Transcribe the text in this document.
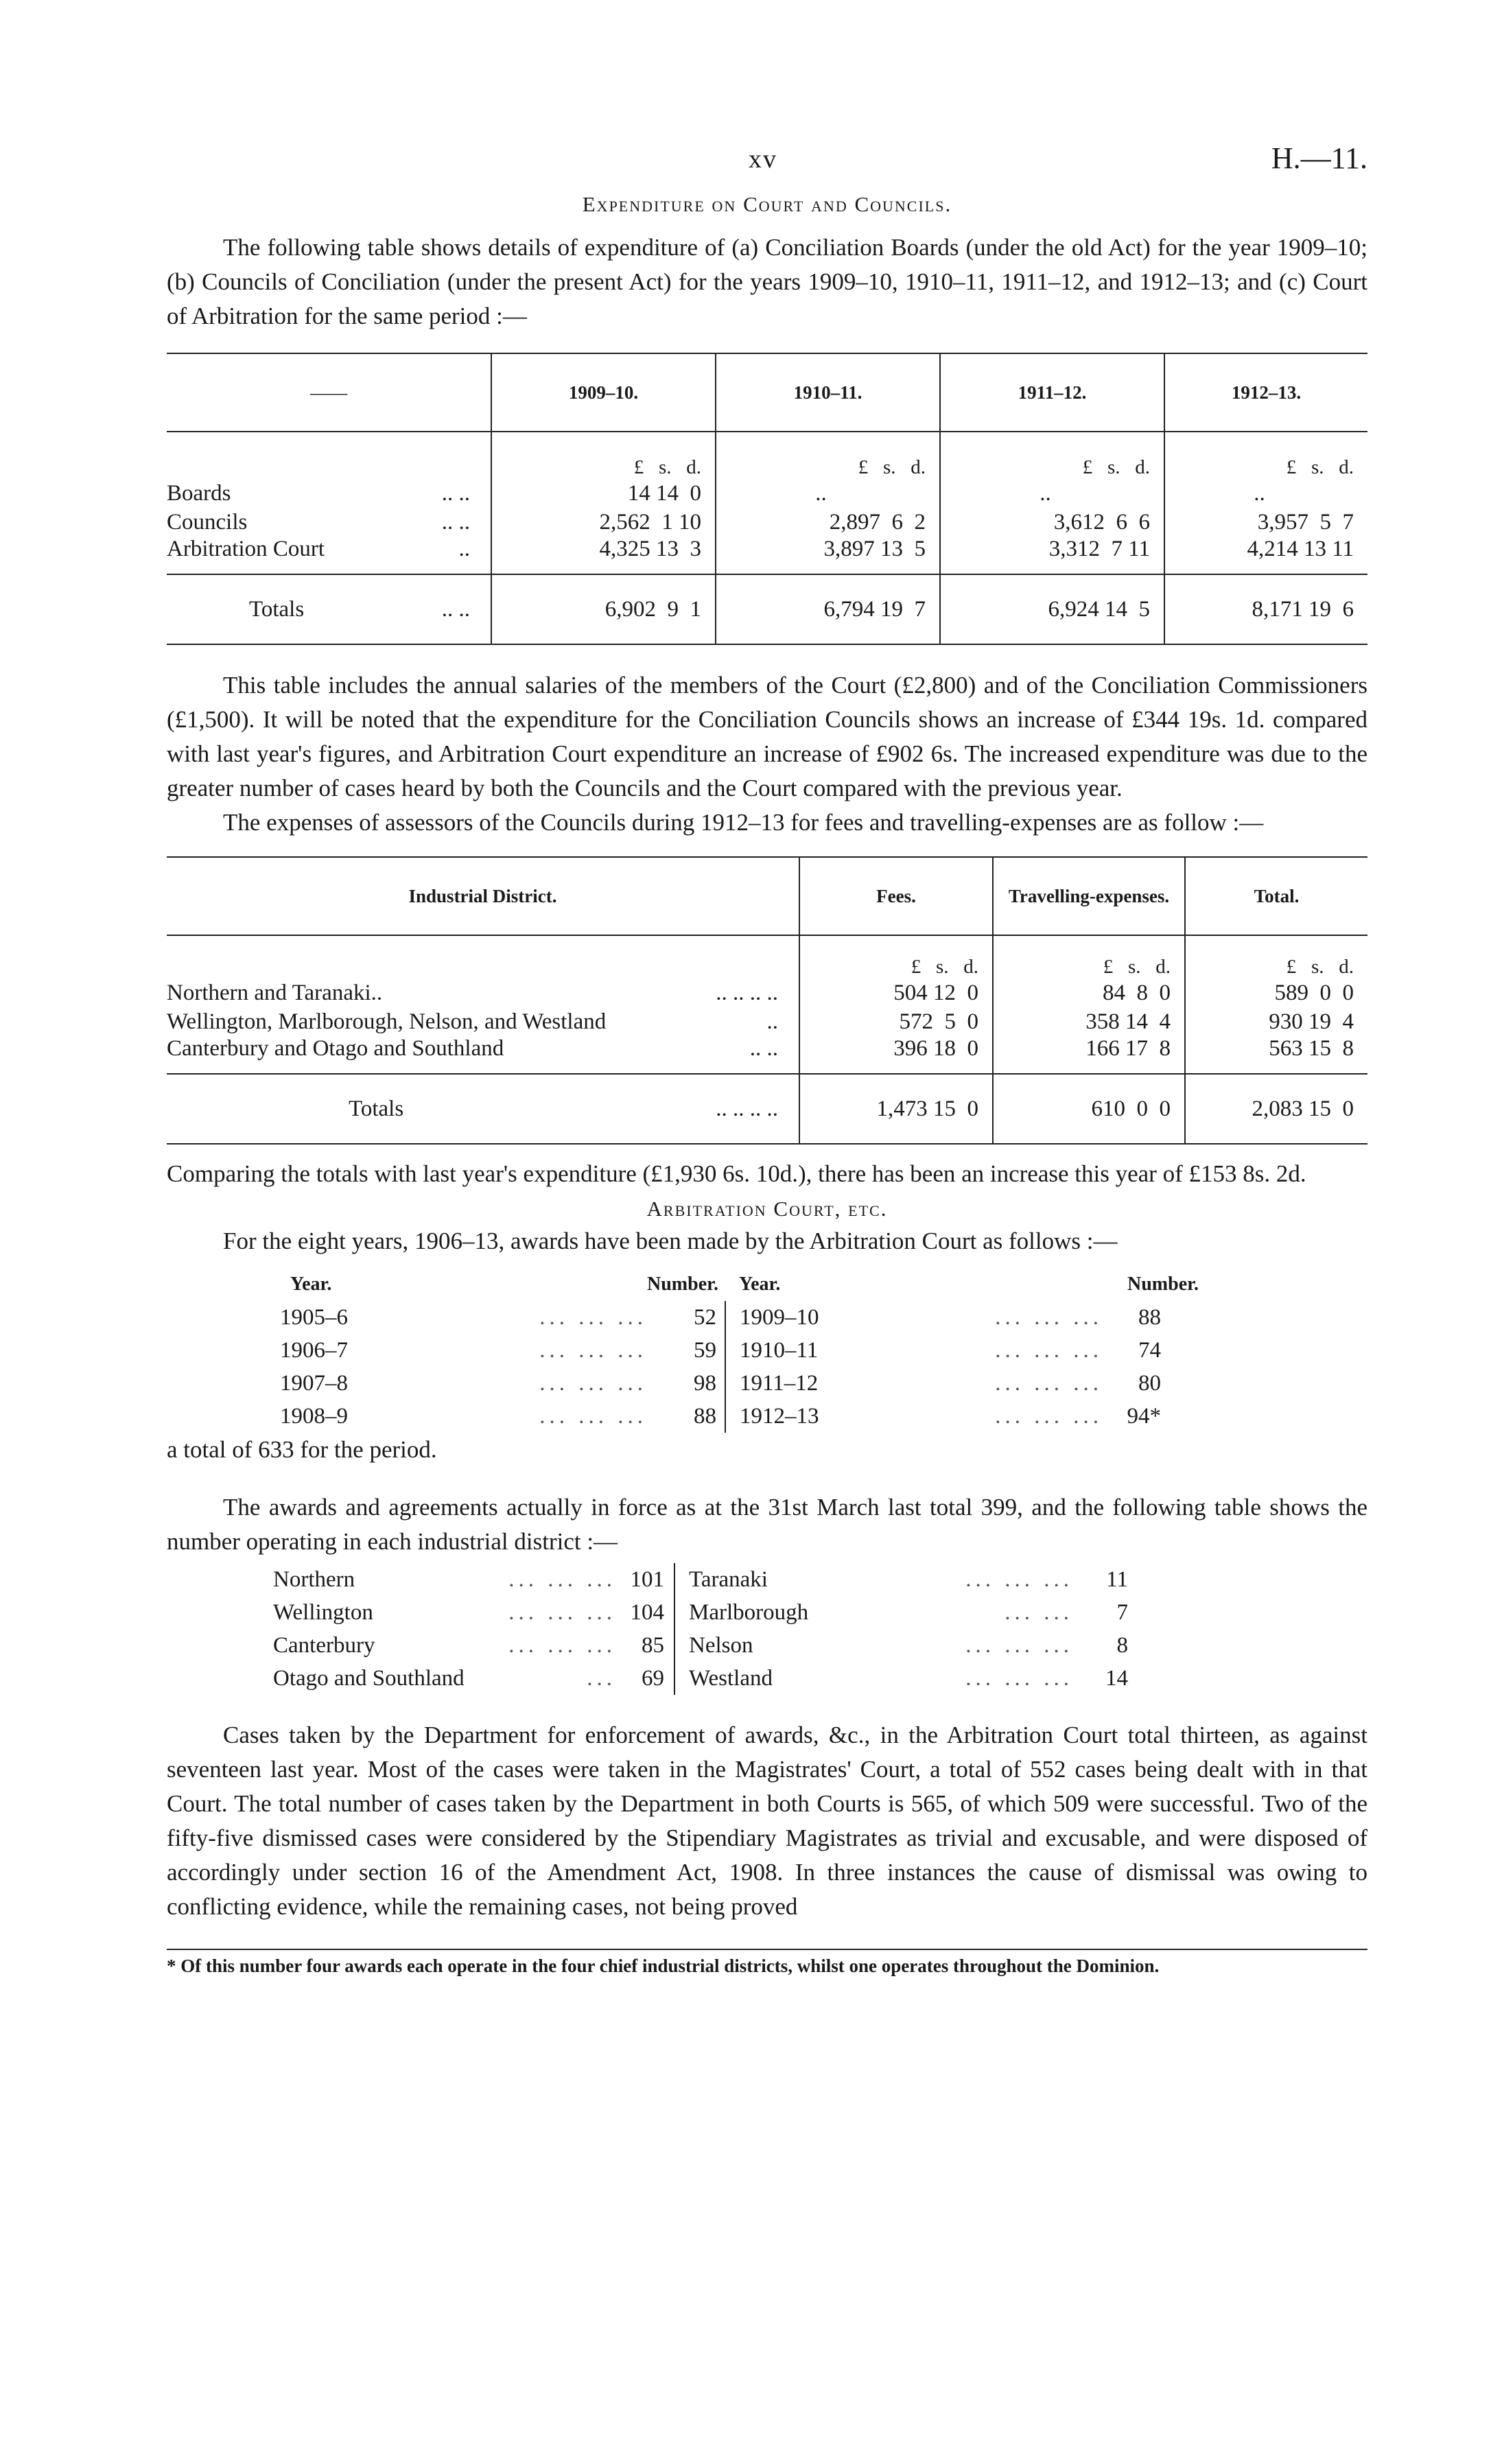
xv	H.—11.
Expenditure on Court and Councils.

The following table shows details of expenditure of (a) Conciliation Boards (under the old Act) for the year 1909–10; (b) Councils of Conciliation (under the present Act) for the years 1909–10, 1910–11, 1911–12, and 1912–13; and (c) Court of Arbitration for the same period :—

——	1909–10.	1910–11.	1911–12.	1912–13.
	£   s.   d.	£   s.   d.	£   s.   d.	£   s.   d.
Boards .. ..	14 14  0	..	..	..
Councils .. ..	2,562  1 10	2,897  6  2	3,612  6  6	3,957  5  7
Arbitration Court ..	4,325 13  3	3,897 13  5	3,312  7 11	4,214 13 11
Totals .. ..	6,902  9  1	6,794 19  7	6,924 14  5	8,171 19  6

This table includes the annual salaries of the members of the Court (£2,800) and of the Conciliation Commissioners (£1,500). It will be noted that the expenditure for the Conciliation Councils shows an increase of £344 19s. 1d. compared with last year's figures, and Arbitration Court expenditure an increase of £902 6s. The increased expenditure was due to the greater number of cases heard by both the Councils and the Court compared with the previous year.

The expenses of assessors of the Councils during 1912–13 for fees and travelling-expenses are as follow :—

Industrial District.	Fees.	Travelling-expenses.	Total.
	£   s.   d.	£   s.   d.	£   s.   d.
Northern and Taranaki.. .. .. .. ..	504 12  0	84  8  0	589  0  0
Wellington, Marlborough, Nelson, and Westland ..	572  5  0	358 14  4	930 19  4
Canterbury and Otago and Southland .. ..	396 18  0	166 17  8	563 15  8
Totals .. .. .. ..	1,473 15  0	610  0  0	2,083 15  0

Comparing the totals with last year's expenditure (£1,930 6s. 10d.), there has been an increase this year of £153 8s. 2d.

Arbitration Court, etc.

For the eight years, 1906–13, awards have been made by the Arbitration Court as follows :—

Year.	Number.	Year.	Number.
1905–6 ... ... ...	52	1909–10 ... ... ...	88
1906–7 ... ... ...	59	1910–11 ... ... ...	74
1907–8 ... ... ...	98	1911–12 ... ... ...	80
1908–9 ... ... ...	88	1912–13 ... ... ...	94*

a total of 633 for the period.

The awards and agreements actually in force as at the 31st March last total 399, and the following table shows the number operating in each industrial district :—

Northern ... ... ...	101	Taranaki ... ... ...	11
Wellington ... ... ...	104	Marlborough ... ...	7
Canterbury ... ... ...	85	Nelson ... ... ...	8
Otago and Southland ...	69	Westland ... ... ...	14

Cases taken by the Department for enforcement of awards, &c., in the Arbitration Court total thirteen, as against seventeen last year. Most of the cases were taken in the Magistrates' Court, a total of 552 cases being dealt with in that Court. The total number of cases taken by the Department in both Courts is 565, of which 509 were successful. Two of the fifty-five dismissed cases were considered by the Stipendiary Magistrates as trivial and excusable, and were disposed of accordingly under section 16 of the Amendment Act, 1908. In three instances the cause of dismissal was owing to conflicting evidence, while the remaining cases, not being proved

* Of this number four awards each operate in the four chief industrial districts, whilst one operates throughout the Dominion.
